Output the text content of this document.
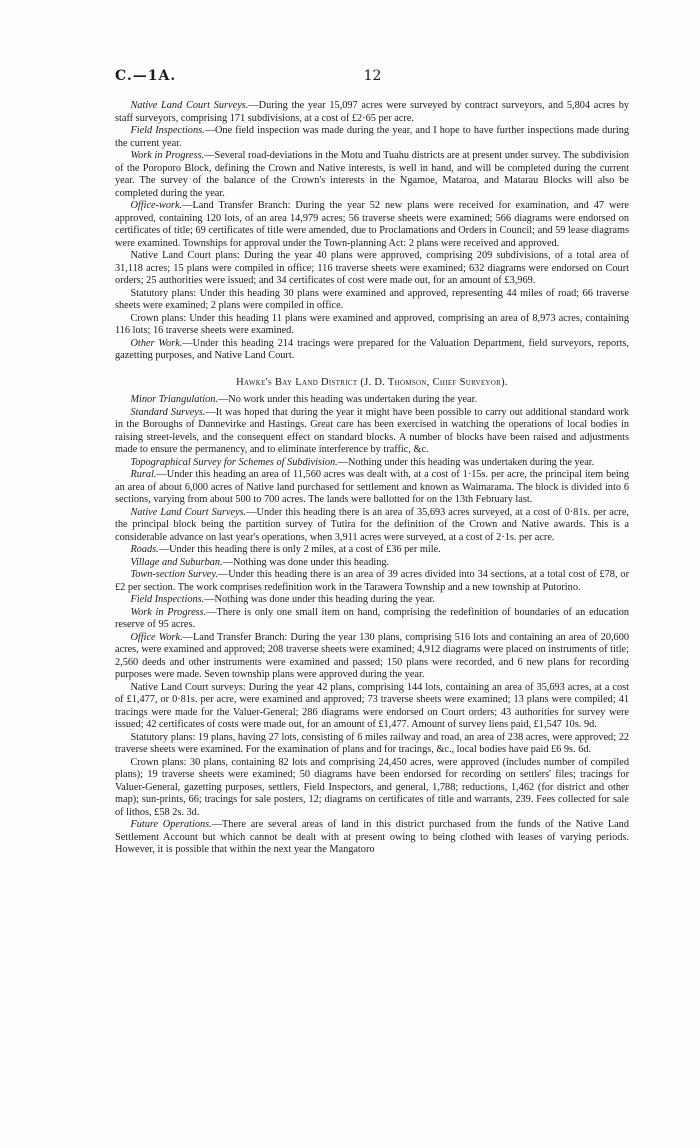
C.—1A.	12

Native Land Court Surveys.—During the year 15,097 acres were surveyed by contract surveyors, and 5,804 acres by staff surveyors, comprising 171 subdivisions, at a cost of £2·65 per acre.

Field Inspections.—One field inspection was made during the year, and I hope to have further inspections made during the current year.

Work in Progress.—Several road-deviations in the Motu and Tuahu districts are at present under survey. The subdivision of the Poroporo Block, defining the Crown and Native interests, is well in hand, and will be completed during the current year. The survey of the balance of the Crown's interests in the Ngamoe, Mataroa, and Matarau Blocks will also be completed during the year.

Office-work.—Land Transfer Branch: During the year 52 new plans were received for examination, and 47 were approved, containing 120 lots, of an area 14,979 acres; 56 traverse sheets were examined; 566 diagrams were endorsed on certificates of title; 69 certificates of title were amended, due to Proclamations and Orders in Council; and 59 lease diagrams were examined. Townships for approval under the Town-planning Act: 2 plans were received and approved.

Native Land Court plans: During the year 40 plans were approved, comprising 209 subdivisions, of a total area of 31,118 acres; 15 plans were compiled in office; 116 traverse sheets were examined; 632 diagrams were endorsed on Court orders; 25 authorities were issued; and 34 certificates of cost were made out, for an amount of £3,969.

Statutory plans: Under this heading 30 plans were examined and approved, representing 44 miles of road; 66 traverse sheets were examined; 2 plans were compiled in office.

Crown plans: Under this heading 11 plans were examined and approved, comprising an area of 8,973 acres, containing 116 lots; 16 traverse sheets were examined.

Other Work.—Under this heading 214 tracings were prepared for the Valuation Department, field surveyors, reports, gazetting purposes, and Native Land Court.

Hawke's Bay Land District (J. D. Thomson, Chief Surveyor).

Minor Triangulation.—No work under this heading was undertaken during the year.

Standard Surveys.—It was hoped that during the year it might have been possible to carry out additional standard work in the Boroughs of Dannevirke and Hastings. Great care has been exercised in watching the operations of local bodies in raising street-levels, and the consequent effect on standard blocks. A number of blocks have been raised and adjustments made to ensure the permanency, and to eliminate interference by traffic, &c.

Topographical Survey for Schemes of Subdivision.—Nothing under this heading was undertaken during the year.

Rural.—Under this heading an area of 11,560 acres was dealt with, at a cost of 1·15s. per acre, the principal item being an area of about 6,000 acres of Native land purchased for settlement and known as Waimarama. The block is divided into 6 sections, varying from about 500 to 700 acres. The lands were ballotted for on the 13th February last.

Native Land Court Surveys.—Under this heading there is an area of 35,693 acres surveyed, at a cost of 0·81s. per acre, the principal block being the partition survey of Tutira for the definition of the Crown and Native awards. This is a considerable advance on last year's operations, when 3,911 acres were surveyed, at a cost of 2·1s. per acre.

Roads.—Under this heading there is only 2 miles, at a cost of £36 per mile.

Village and Suburban.—Nothing was done under this heading.

Town-section Survey.—Under this heading there is an area of 39 acres divided into 34 sections, at a total cost of £78, or £2 per section. The work comprises redefinition work in the Tarawera Township and a new township at Putorino.

Field Inspections.—Nothing was done under this heading during the year.

Work in Progress.—There is only one small item on hand, comprising the redefinition of boundaries of an education reserve of 95 acres.

Office Work.—Land Transfer Branch: During the year 130 plans, comprising 516 lots and containing an area of 20,600 acres, were examined and approved; 208 traverse sheets were examined; 4,912 diagrams were placed on instruments of title; 2,560 deeds and other instruments were examined and passed; 150 plans were recorded, and 6 new plans for recording purposes were made. Seven township plans were approved during the year.

Native Land Court surveys: During the year 42 plans, comprising 144 lots, containing an area of 35,693 acres, at a cost of £1,477, or 0·81s. per acre, were examined and approved; 73 traverse sheets were examined; 13 plans were compiled; 41 tracings were made for the Valuer-General; 286 diagrams were endorsed on Court orders; 43 authorities for survey were issued; 42 certificates of costs were made out, for an amount of £1,477. Amount of survey liens paid, £1,547 10s. 9d.

Statutory plans: 19 plans, having 27 lots, consisting of 6 miles railway and road, an area of 238 acres, were approved; 22 traverse sheets were examined. For the examination of plans and for tracings, &c., local bodies have paid £6 9s. 6d.

Crown plans: 30 plans, containing 82 lots and comprising 24,450 acres, were approved (includes number of compiled plans); 19 traverse sheets were examined; 50 diagrams have been endorsed for recording on settlers' files; tracings for Valuer-General, gazetting purposes, settlers, Field Inspectors, and general, 1,788; reductions, 1,462 (for district and other map); sun-prints, 66; tracings for sale posters, 12; diagrams on certificates of title and warrants, 239. Fees collected for sale of lithos, £58 2s. 3d.

Future Operations.—There are several areas of land in this district purchased from the funds of the Native Land Settlement Account but which cannot be dealt with at present owing to being clothed with leases of varying periods. However, it is possible that within the next year the Mangatoro
